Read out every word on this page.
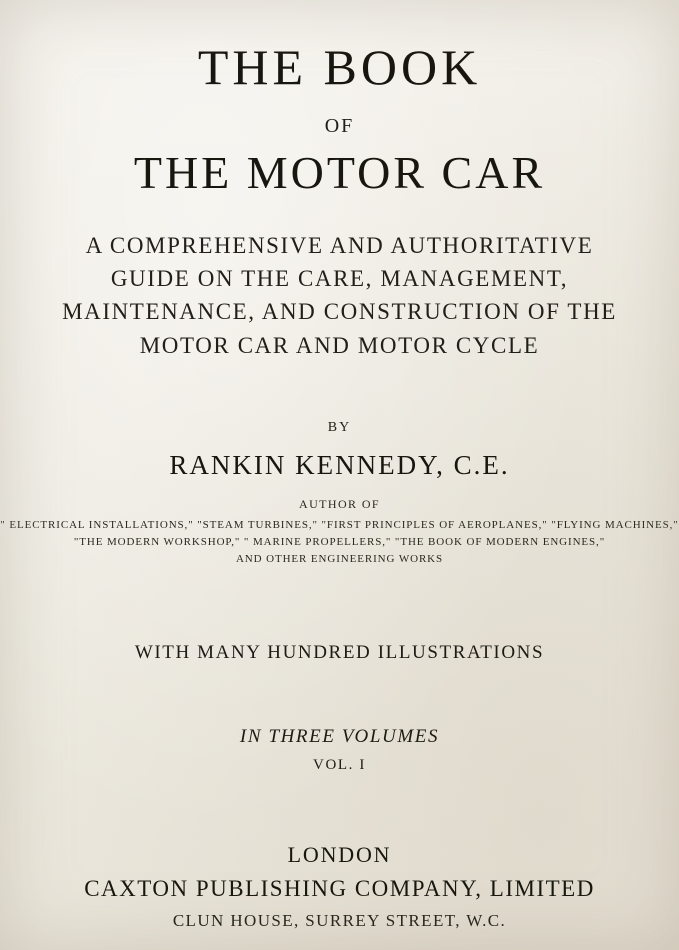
THE BOOK
OF
THE MOTOR CAR
A COMPREHENSIVE AND AUTHORITATIVE
GUIDE ON THE CARE, MANAGEMENT,
MAINTENANCE, AND CONSTRUCTION OF THE
MOTOR CAR AND MOTOR CYCLE
BY
RANKIN KENNEDY, C.E.
AUTHOR OF
" ELECTRICAL INSTALLATIONS," "STEAM TURBINES," "FIRST PRINCIPLES OF AEROPLANES," "FLYING MACHINES,"
"THE MODERN WORKSHOP," " MARINE PROPELLERS," "THE BOOK OF MODERN ENGINES,"
AND OTHER ENGINEERING WORKS
WITH MANY HUNDRED ILLUSTRATIONS
IN THREE VOLUMES
VOL. I
LONDON
CAXTON PUBLISHING COMPANY, LIMITED
CLUN HOUSE, SURREY STREET, W.C.
